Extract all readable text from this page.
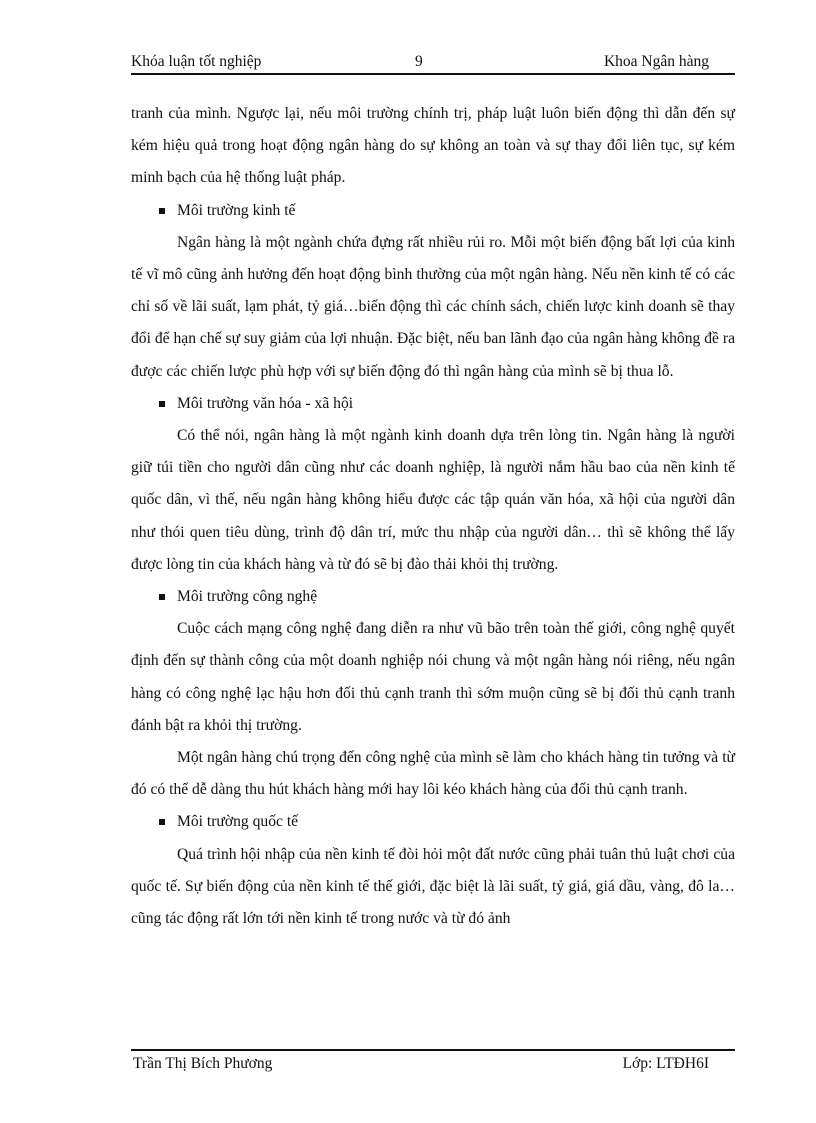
Khóa luận tốt nghiệp	9	Khoa Ngân hàng

tranh của mình. Ngược lại, nếu môi trường chính trị, pháp luật luôn biến động thì dẫn đến sự kém hiệu quả trong hoạt động ngân hàng do sự không an toàn và sự thay đổi liên tục, sự kém minh bạch của hệ thống luật pháp.

Môi trường kinh tế

Ngân hàng là một ngành chứa đựng rất nhiều rủi ro. Mỗi một biến động bất lợi của kinh tế vĩ mô cũng ảnh hưởng đến hoạt động bình thường của một ngân hàng. Nếu nền kinh tế có các chỉ số về lãi suất, lạm phát, tỷ giá…biến động thì các chính sách, chiến lược kinh doanh sẽ thay đổi để hạn chế sự suy giảm của lợi nhuận. Đặc biệt, nếu ban lãnh đạo của ngân hàng không đề ra được các chiến lược phù hợp với sự biến động đó thì ngân hàng của mình sẽ bị thua lỗ.

Môi trường văn hóa - xã hội

Có thể nói, ngân hàng là một ngành kinh doanh dựa trên lòng tin. Ngân hàng là người giữ túi tiền cho người dân cũng như các doanh nghiệp, là người nắm hầu bao của nền kinh tế quốc dân, vì thế, nếu ngân hàng không hiểu được các tập quán văn hóa, xã hội của người dân như thói quen tiêu dùng, trình độ dân trí, mức thu nhập của người dân… thì sẽ không thể lấy được lòng tin của khách hàng và từ đó sẽ bị đào thải khỏi thị trường.

Môi trường công nghệ

Cuộc cách mạng công nghệ đang diễn ra như vũ bão trên toàn thế giới, công nghệ quyết định đến sự thành công của một doanh nghiệp nói chung và một ngân hàng nói riêng, nếu ngân hàng có công nghệ lạc hậu hơn đối thủ cạnh tranh thì sớm muộn cũng sẽ bị đối thủ cạnh tranh đánh bật ra khỏi thị trường.

Một ngân hàng chú trọng đến công nghệ của mình sẽ làm cho khách hàng tin tưởng và từ đó có thể dễ dàng thu hút khách hàng mới hay lôi kéo khách hàng của đối thủ cạnh tranh.

Môi trường quốc tế

Quá trình hội nhập của nền kinh tế đòi hỏi một đất nước cũng phải tuân thủ luật chơi của quốc tế. Sự biến động của nền kinh tế thế giới, đặc biệt là lãi suất, tỷ giá, giá dầu, vàng, đô la… cũng tác động rất lớn tới nền kinh tế trong nước và từ đó ảnh

Trần Thị Bích Phương	Lớp: LTĐH6I
